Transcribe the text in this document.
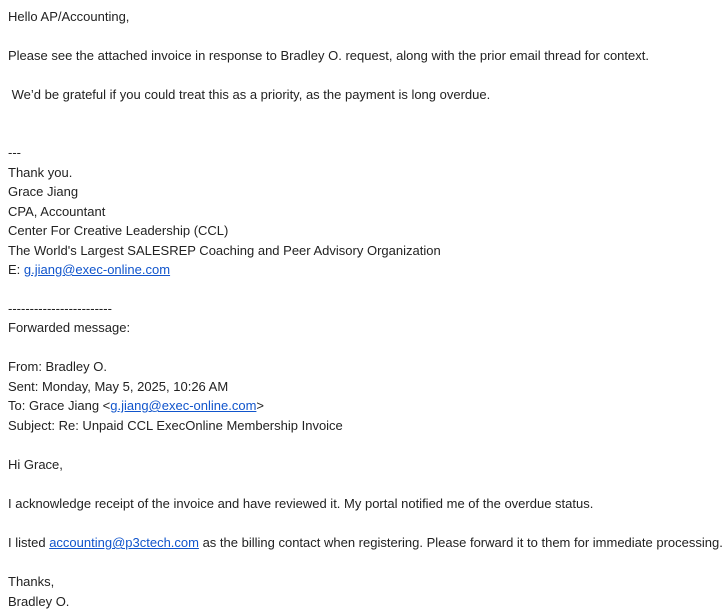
Hello AP/Accounting,
Please see the attached invoice in response to Bradley O. request, along with the prior email thread for context.
We’d be grateful if you could treat this as a priority, as the payment is long overdue.
---
Thank you.
Grace Jiang
CPA, Accountant
Center For Creative Leadership (CCL)
The World's Largest SALESREP Coaching and Peer Advisory Organization
E: g.jiang@exec-online.com
------------------------
Forwarded message:
From: Bradley O.
Sent: Monday, May 5, 2025, 10:26 AM
To: Grace Jiang <g.jiang@exec-online.com>
Subject: Re: Unpaid CCL ExecOnline Membership Invoice
Hi Grace,
I acknowledge receipt of the invoice and have reviewed it. My portal notified me of the overdue status.
I listed accounting@p3ctech.com as the billing contact when registering. Please forward it to them for immediate processing.
Thanks,
Bradley O.
